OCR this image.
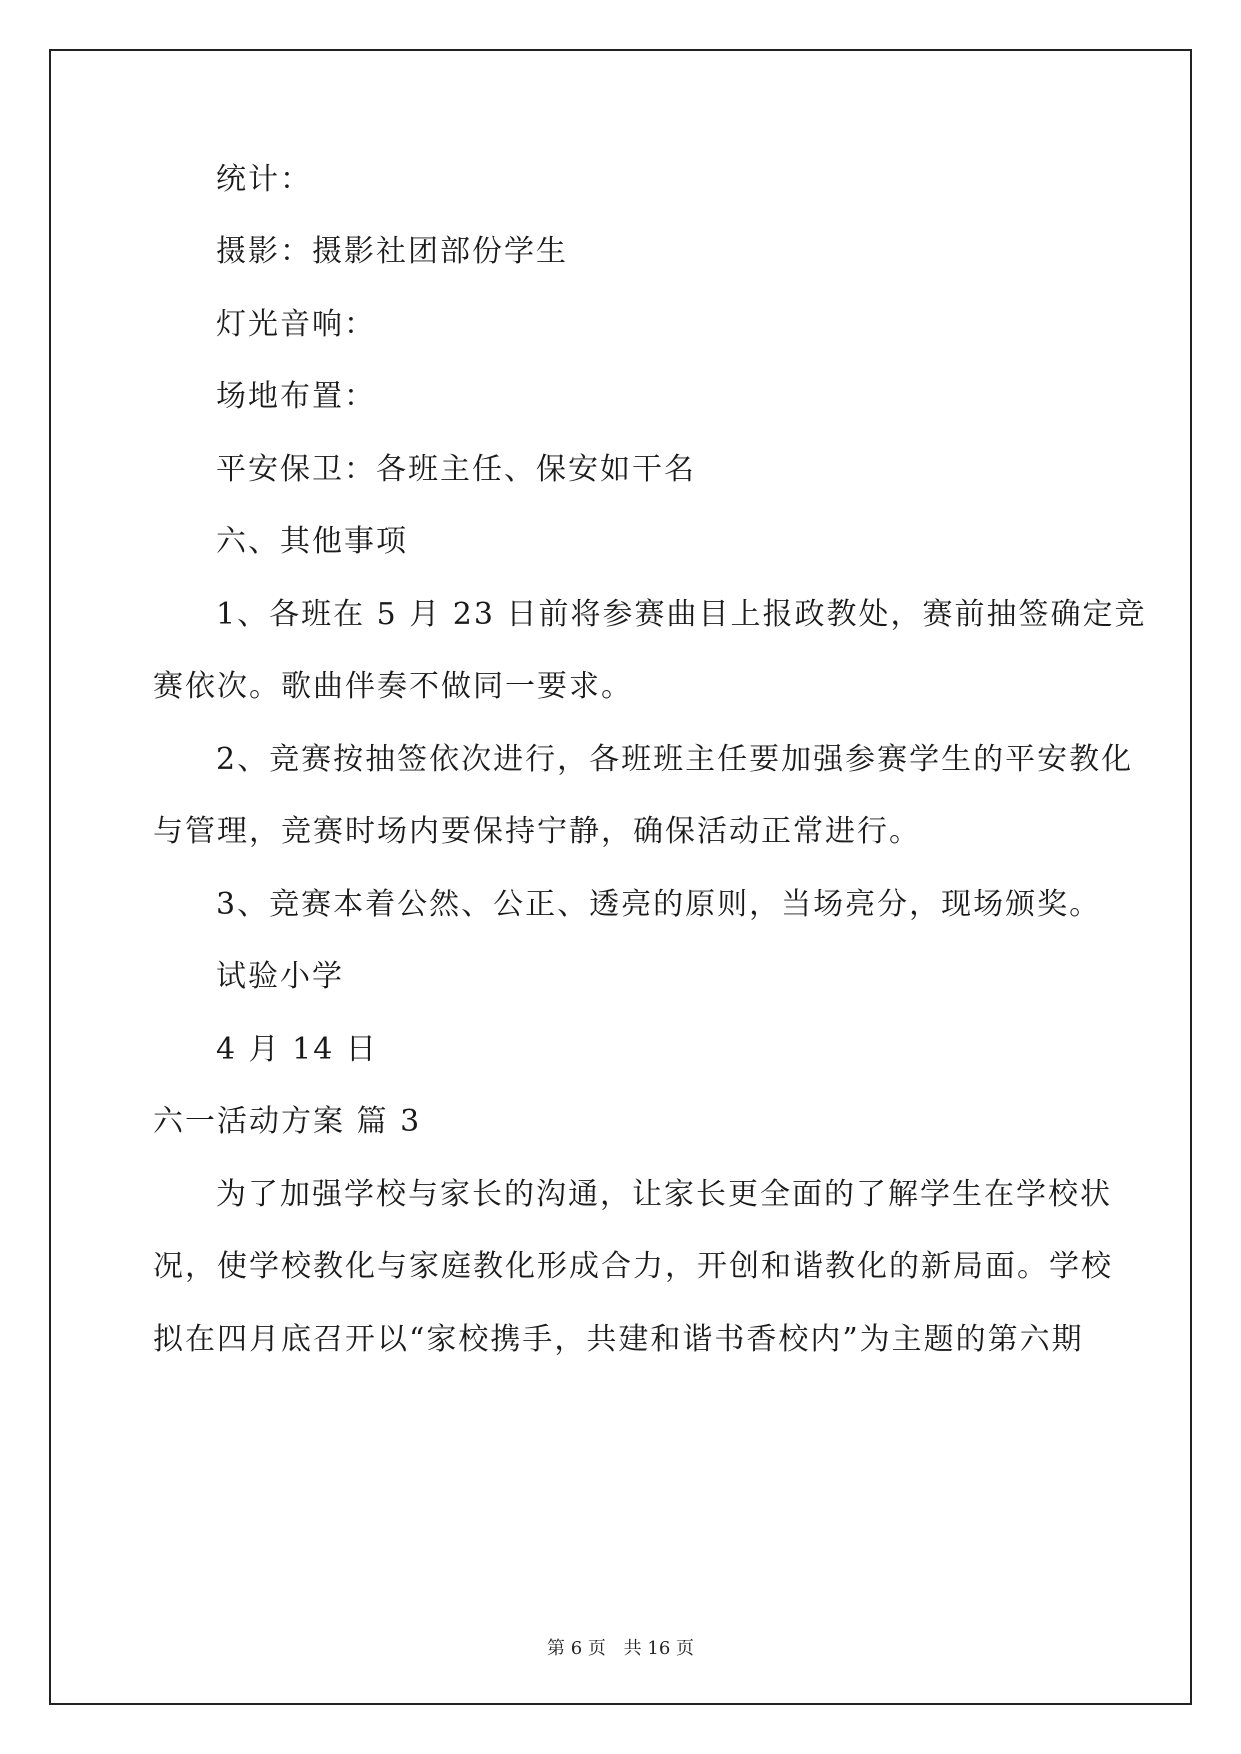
统计：
摄影：摄影社团部份学生
灯光音响：
场地布置：
平安保卫：各班主任、保安如干名
六、其他事项
1、各班在 5 月 23 日前将参赛曲目上报政教处，赛前抽签确定竞
赛依次。歌曲伴奏不做同一要求。
2、竞赛按抽签依次进行，各班班主任要加强参赛学生的平安教化
与管理，竞赛时场内要保持宁静，确保活动正常进行。
3、竞赛本着公然、公正、透亮的原则，当场亮分，现场颁奖。
试验小学
4 月 14 日
六一活动方案 篇 3
为了加强学校与家长的沟通，让家长更全面的了解学生在学校状
况，使学校教化与家庭教化形成合力，开创和谐教化的新局面。学校
拟在四月底召开以“家校携手，共建和谐书香校内”为主题的第六期
第 6 页 共 16 页
